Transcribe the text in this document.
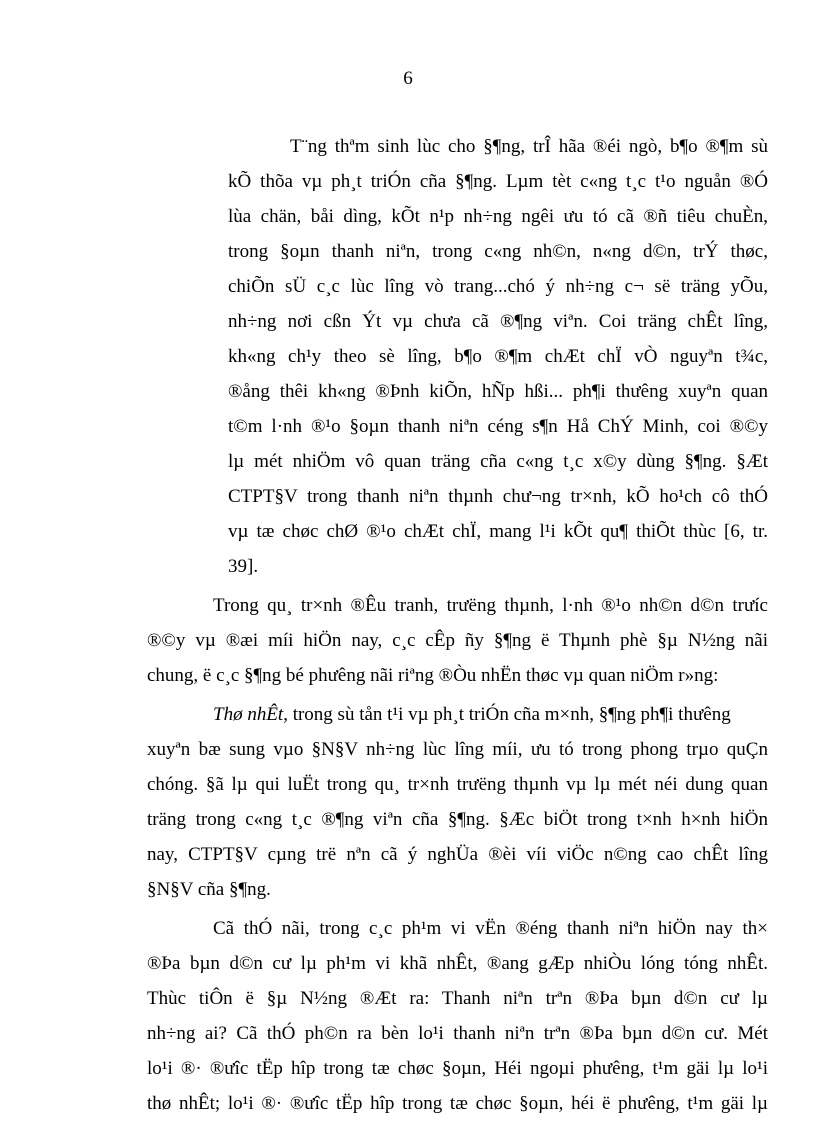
6
T¨ng thªm sinh lùc cho §¶ng, trÎ hãa ®éi ngò, b¶o ®¶m sù
kÕ thõa vµ ph¸t triÓn cña §¶ng. Lµm tèt c«ng t¸c t¹o nguån ®Ó
lùa chän, båi dìng, kÕt n¹p nh÷ng ngêi ưu tó cã ®ñ tiêu chuÈn,
trong §oµn thanh niªn, trong c«ng nh©n, n«ng d©n, trÝ thøc,
chiÕn sÜ c¸c lùc lîng vò trang...chó ý nh÷ng c¬ së träng yÕu,
nh÷ng nơi cßn Ýt vµ chưa cã ®¶ng viªn. Coi träng chÊt lîng,
kh«ng ch¹y theo sè lîng, b¶o ®¶m chÆt chÏ vÒ nguyªn t¾c,
®ång thêi kh«ng ®Þnh kiÕn, hÑp hßi... ph¶i thưêng xuyªn quan
t©m l·nh ®¹o §oµn thanh niªn céng s¶n Hå ChÝ Minh, coi ®©y
lµ mét nhiÖm vô quan träng cña c«ng t¸c x©y dùng §¶ng. §Æt
CTPT§V trong thanh niªn thµnh chư¬ng tr×nh, kÕ ho¹ch cô thÓ
vµ tæ chøc chØ ®¹o chÆt chÏ, mang l¹i kÕt qu¶ thiÕt thùc [6, tr.
39].
Trong qu¸ tr×nh ®Êu tranh, trưëng thµnh, l·nh ®¹o nh©n d©n trưíc
®©y vµ ®æi míi hiÖn nay, c¸c cÊp ñy §¶ng ë Thµnh phè §µ N½ng nãi
chung, ë c¸c §¶ng bé phưêng nãi riªng ®Òu nhËn thøc vµ quan niÖm r»ng:
Thø nhÊt, trong sù tån t¹i vµ ph¸t triÓn cña m×nh, §¶ng ph¶i thưêng
xuyªn bæ sung vµo §N§V nh÷ng lùc lîng míi, ưu tó trong phong trµo quÇn
chóng. §ã lµ qui luËt trong qu¸ tr×nh trưëng thµnh vµ lµ mét néi dung quan
träng trong c«ng t¸c ®¶ng viªn cña §¶ng. §Æc biÖt trong t×nh h×nh hiÖn
nay, CTPT§V cµng trë nªn cã ý nghÜa ®èi víi viÖc n©ng cao chÊt lîng
§N§V cña §¶ng.
Cã thÓ nãi, trong c¸c ph¹m vi vËn ®éng thanh niªn hiÖn nay th×
®Þa bµn d©n cư lµ ph¹m vi khã nhÊt, ®ang gÆp nhiÒu lóng tóng nhÊt.
Thùc tiÔn ë §µ N½ng ®Æt ra: Thanh niªn trªn ®Þa bµn d©n cư lµ
nh÷ng ai? Cã thÓ ph©n ra bèn lo¹i thanh niªn trªn ®Þa bµn d©n cư. Mét
lo¹i ®· ®ưîc tËp hîp trong tæ chøc §oµn, Héi ngoµi phưêng, t¹m gäi lµ lo¹i
thø nhÊt; lo¹i ®· ®ưîc tËp hîp trong tæ chøc §oµn, héi ë phưêng, t¹m gäi lµ
